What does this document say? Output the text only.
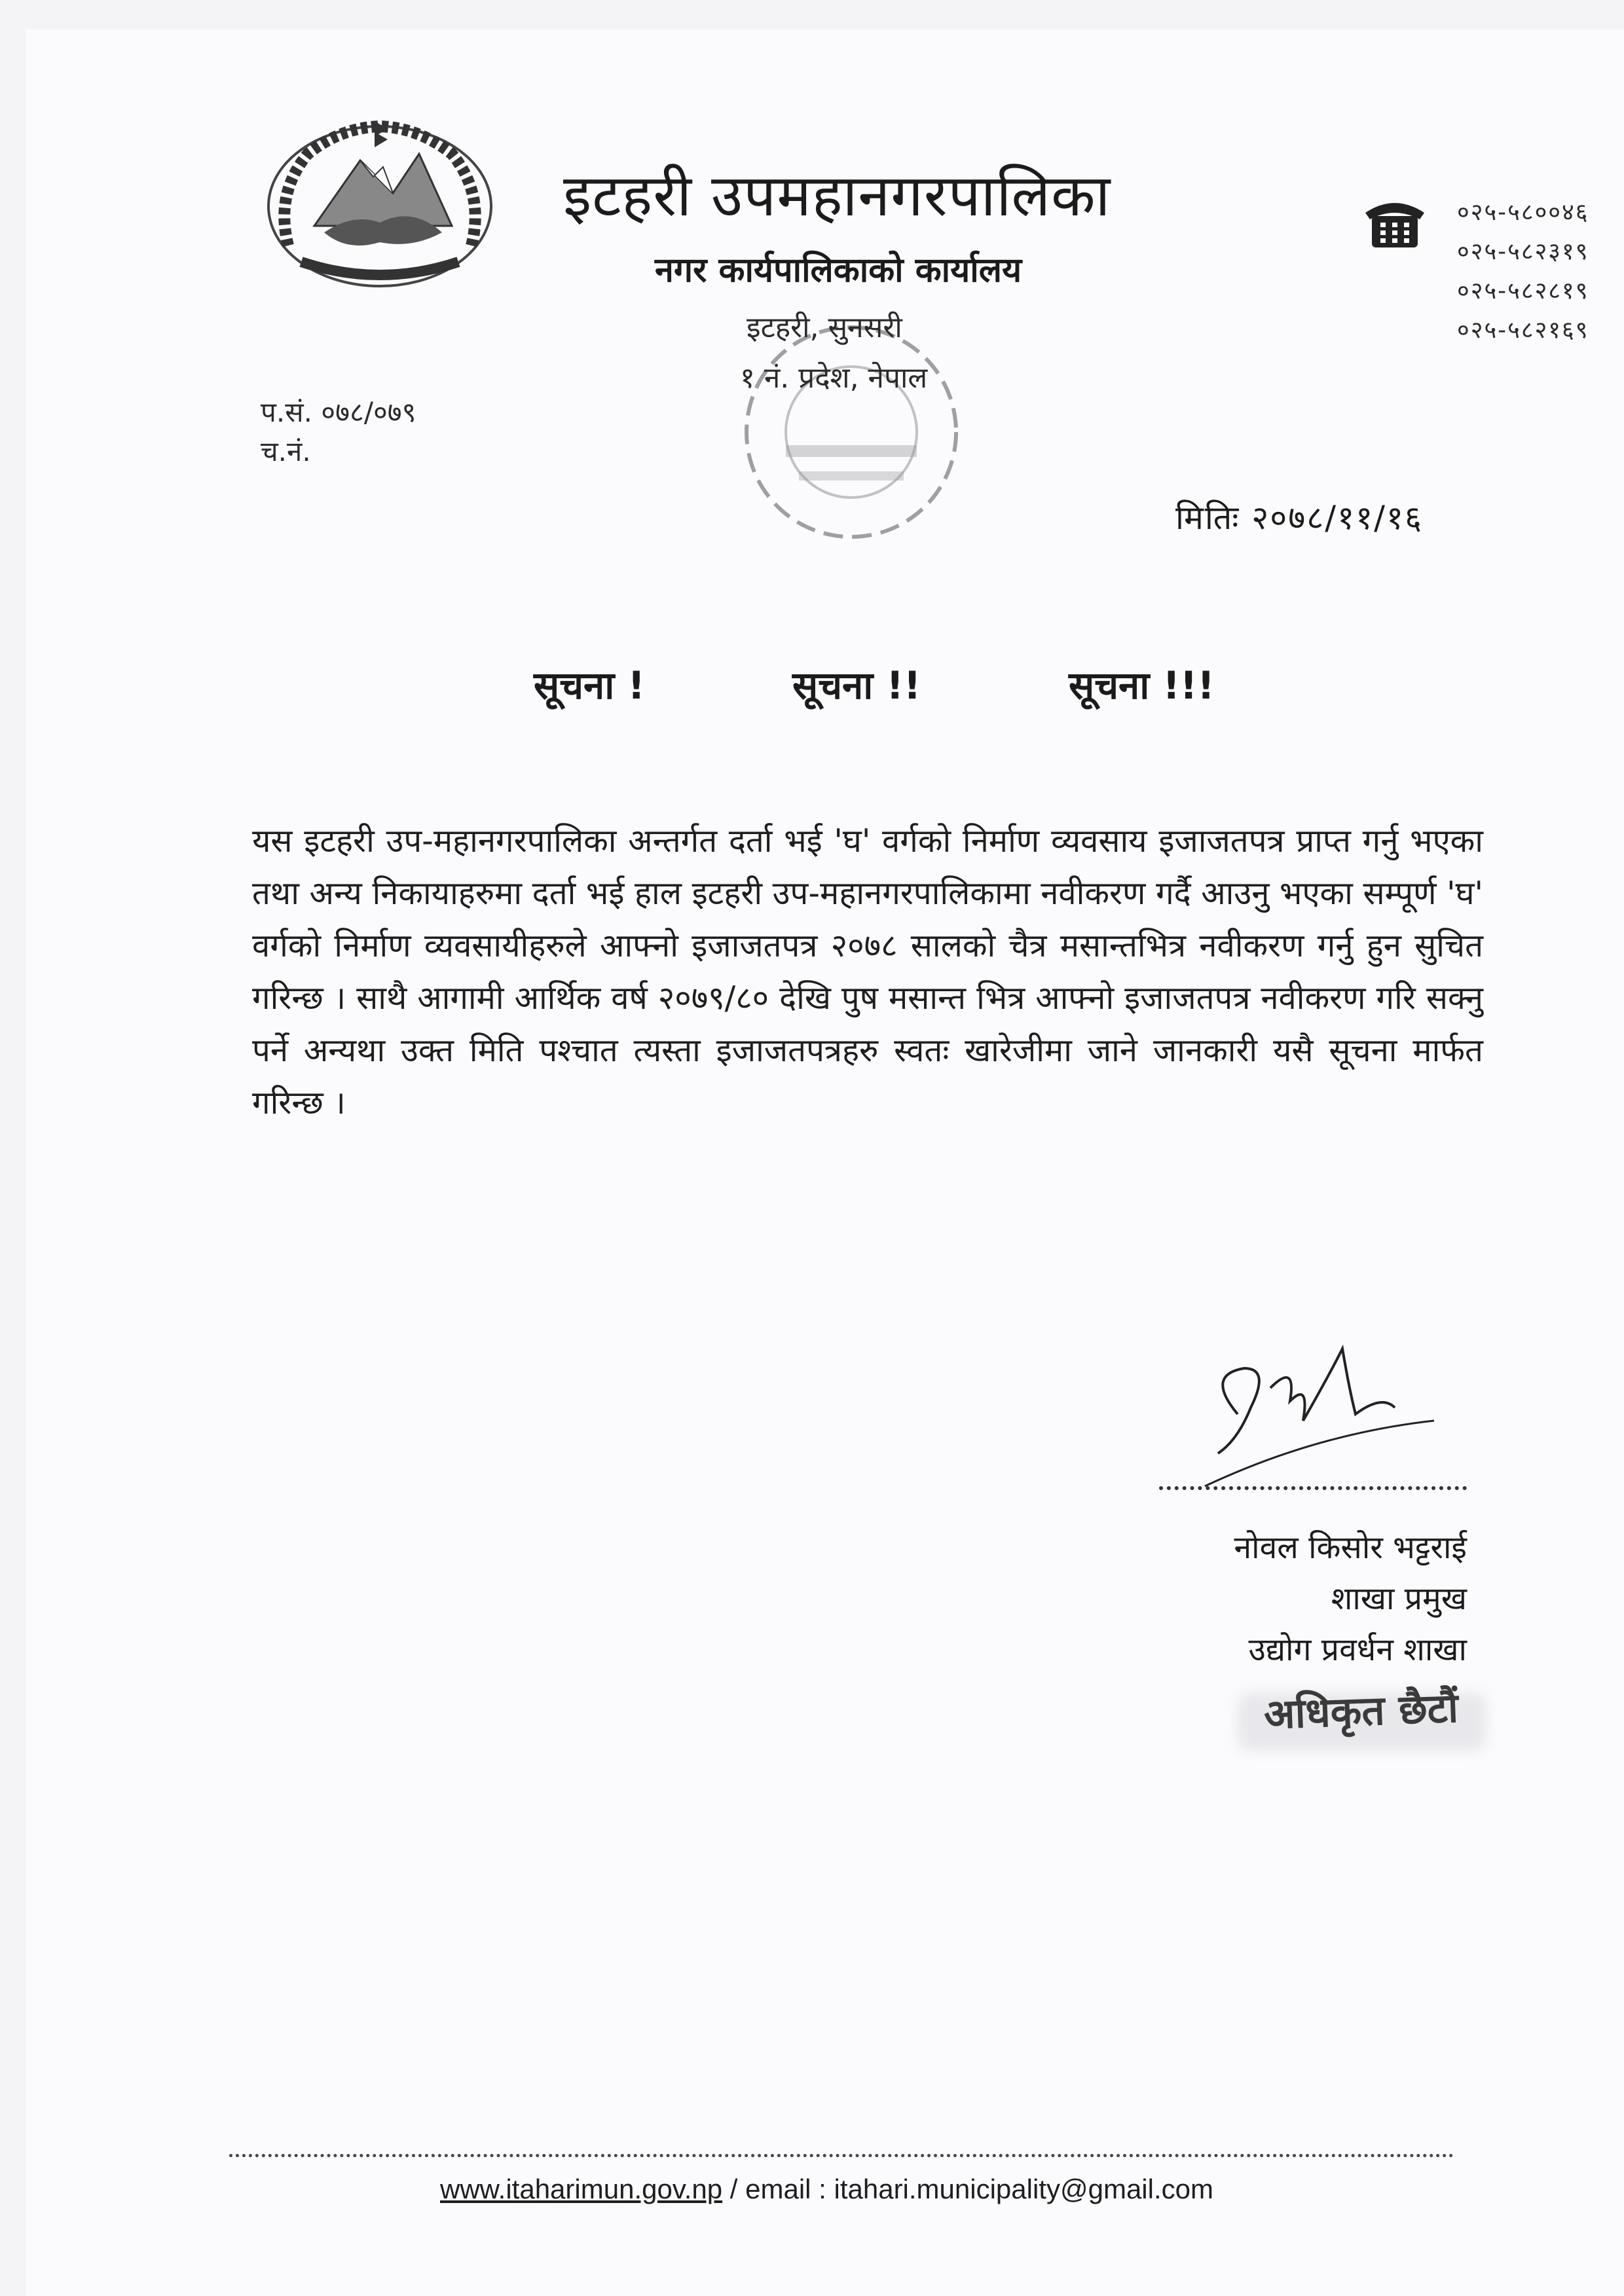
इटहरी उपमहानगरपालिका
नगर कार्यपालिकाको कार्यालय
इटहरी, सुनसरी
१ नं. प्रदेश, नेपाल
०२५-५८००४६
०२५-५८२३१९
०२५-५८२८१९
०२५-५८२१६९
प.सं. ०७८/०७९
च.नं.
मितिः २०७८/११/१६
सूचना !	सूचना !!	सूचना !!!
यस इटहरी उप-महानगरपालिका अन्तर्गत दर्ता भई 'घ' वर्गको निर्माण व्यवसाय इजाजतपत्र प्राप्त गर्नु भएका तथा अन्य निकायाहरुमा दर्ता भई हाल इटहरी उप-महानगरपालिकामा नवीकरण गर्दै आउनु भएका सम्पूर्ण 'घ' वर्गको निर्माण व्यवसायीहरुले आफ्नो इजाजतपत्र २०७८ सालको चैत्र मसान्तभित्र नवीकरण गर्नु हुन सुचित गरिन्छ । साथै आगामी आर्थिक वर्ष २०७९/८० देखि पुष मसान्त भित्र आफ्नो इजाजतपत्र नवीकरण गरि सक्नु पर्ने अन्यथा उक्त मिति पश्चात त्यस्ता इजाजतपत्रहरु स्वतः खारेजीमा जाने जानकारी यसै सूचना मार्फत गरिन्छ ।
नोवल किसोर भट्टराई
शाखा प्रमुख
उद्योग प्रवर्धन शाखा
अधिकृत छैटौं
www.itaharimun.gov.np / email : itahari.municipality@gmail.com
